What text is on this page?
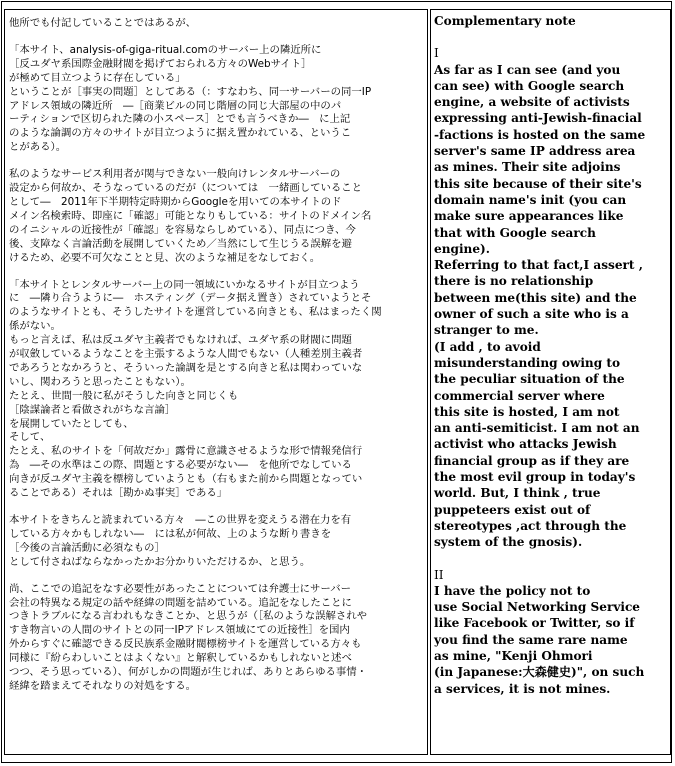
他所でも付記していることではあるが、
「本サイト、analysis-of-giga-ritual.comのサーバー上の隣近所に
［反ユダヤ系国際金融財閥を掲げておられる方々のWebサイト］
が極めて目立つように存在している」
ということが［事実の問題］としてある（：すなわち、同一サーバーの同一IP
アドレス領域の隣近所　―［商業ビルの同じ階層の同じ大部屋の中のパ
ーティションで区切られた隣の小スペース］とでも言うべきか―　に上記
のような論調の方々のサイトが目立つように据え置かれている、というこ
とがある）。
私のようなサービス利用者が関与できない一般向けレンタルサーバーの
設定から何故か、そうなっているのだが（については　一緒画していること
として―　2011年下半期特定時期からGoogleを用いての本サイトのド
メイン名検索時、即座に「確認」可能となりもしている：サイトのドメイン名
のイニシャルの近接性が「確認」を容易ならしめている）、同点につき、今
後、支障なく言論活動を展開していくため／当然にして生じうる誤解を避
けるため、必要不可欠なことと見、次のような補足をなしておく。
「本サイトとレンタルサーバー上の同一領域にいかなるサイトが目立つよう
に　―隣り合うように―　ホスティング（データ据え置き）されていようとそ
のようなサイトとも、そうしたサイトを運営している向きとも、私はまったく関
係がない。
もっと言えば、私は反ユダヤ主義者でもなければ、ユダヤ系の財閥に問題
が収斂しているようなことを主張するような人間でもない（人種差別主義者
であろうとなかろうと、そういった論調を是とする向きと私は関わっていな
いし、関わろうと思ったこともない）。
たとえ、世間一般に私がそうした向きと同じくも
［陰謀論者と看做されがちな言論］
を展開していたとしても、
そして、
たとえ、私のサイトを「何故だか」露骨に意識させるような形で情報発信行
為　―その水準はこの際、問題とする必要がない―　を他所でなしている
向きが反ユダヤ主義を標榜していようとも（右もまた前から問題となってい
ることである）それは［勘かぬ事実］である」
本サイトをきちんと読まれている方々　―この世界を変えうる潜在力を有
している方々かもしれない―　には私が何故、上のような断り書きを
［今後の言論活動に必須なもの］
として付さねばならなかったかお分かりいただけるか、と思う。
尚、ここでの追記をなす必要性があったことについては弁護士にサーバー
会社の特異なる規定の話や経緯の問題を詰めている。追記をなしたことに
つきトラブルになる言われもなきことか、と思うが（［私のような誤解されや
すき物言いの人間のサイトとの同一IPアドレス領域にての近接性］を国内
外からすぐに確認できる反民族系金融財閥標榜サイトを運営している方々も
同様に『紛らわしいことはよくない』と解釈しているかもしれないと述べ
つつ、そう思っている）、何がしかの問題が生じれば、ありとあらゆる事情・
経緯を踏まえてそれなりの対処をする。
Complementary note
I
As far as I can see (and you
can see) with Google search
engine, a website of activists
expressing anti-Jewish-finacial
-factions is hosted on the same
server's same IP address area
as mines. Their site adjoins
this site because of their site's
domain name's init (you can
make sure appearances like
that with Google search
engine).
Referring to that fact,I assert ,
there is no relationship
between me(this site) and the
owner of such a site who is a
stranger to me.
(I add , to avoid
misunderstanding owing to
the peculiar situation of the
commercial server where
this site is hosted, I am not
an anti-semiticist. I am not an
activist who attacks Jewish
financial group as if they are
the most evil group in today's
world. But, I think , true
puppeteers exist out of
stereotypes ,act through the
system of the gnosis).
II
I have the policy not to
use Social Networking Service
like Facebook or Twitter, so if
you find the same rare name
as mine, "Kenji Ohmori
(in Japanese:大森健史)", on such
a services, it is not mines.
